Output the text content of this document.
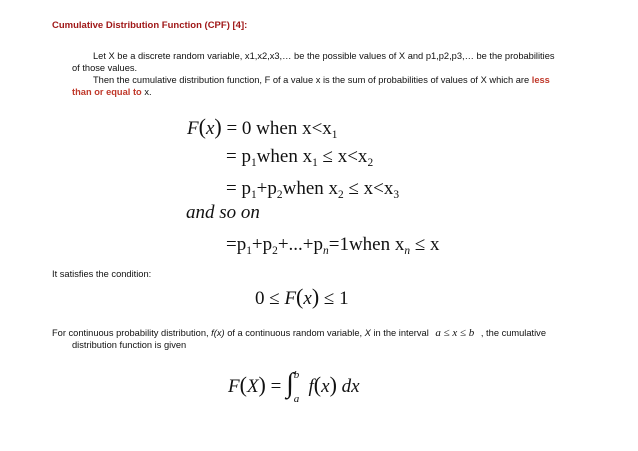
Cumulative Distribution Function (CPF) [4]:
Let X be a discrete random variable, x1,x2,x3,… be the possible values of X and p1,p2,p3,… be the probabilities
of those values.
Then the cumulative distribution function, F of a value x is the sum of probabilities of values of X which are less
than or equal to x.
F(x) = 0 when $x<x_1$
= $p_1when$ $x_1 \le x<x_2$
= $p_1+p_2when$ $x_2 \le x<x_3$
and so on
$=p_1+p_2+...+p_n=1when$ $x_n \le x$
It satisfies the condition:
0 ≤ F(x) ≤ 1
For continuous probability distribution, f(x) of a continuous random variable, X in the interval a ≤ x ≤ b , the cumulative
distribution function is given
F(X) = ∫ b
a
f(x) dx
